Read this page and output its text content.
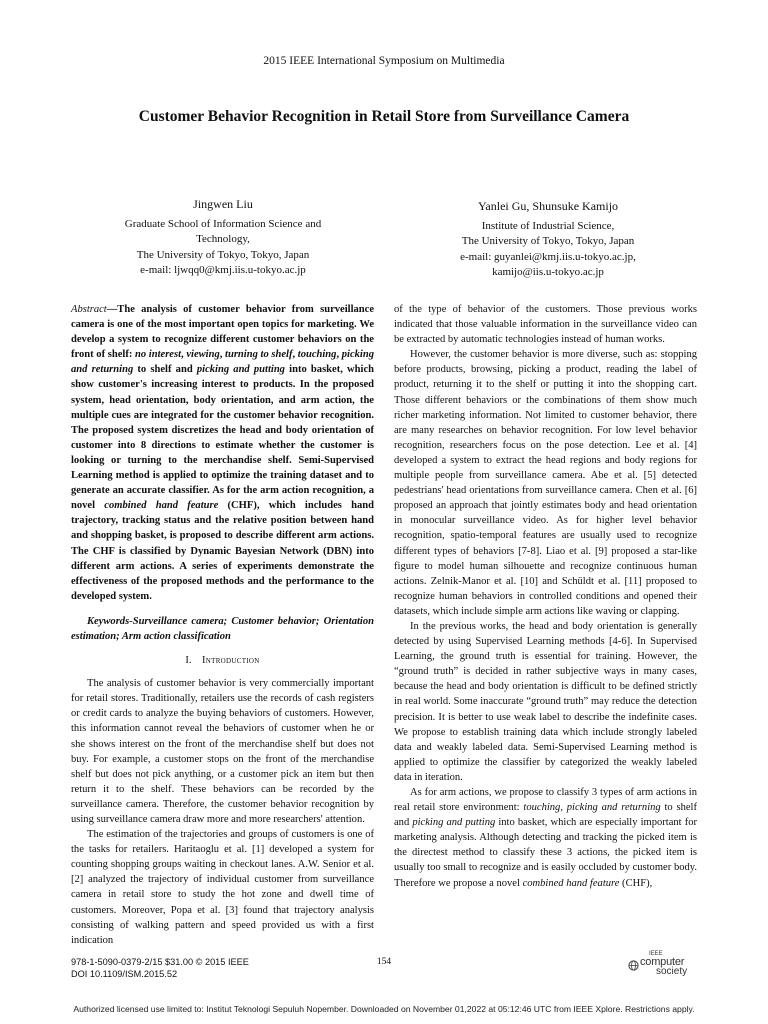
2015 IEEE International Symposium on Multimedia
Customer Behavior Recognition in Retail Store from Surveillance Camera
Jingwen Liu
Graduate School of Information Science and
Technology,
The University of Tokyo, Tokyo, Japan
e-mail: ljwqq0@kmj.iis.u-tokyo.ac.jp
Yanlei Gu, Shunsuke Kamijo
Institute of Industrial Science,
The University of Tokyo, Tokyo, Japan
e-mail: guyanlei@kmj.iis.u-tokyo.ac.jp,
kamijo@iis.u-tokyo.ac.jp

Abstract—The analysis of customer behavior from surveillance camera is one of the most important open topics for marketing. We develop a system to recognize different customer behaviors on the front of shelf: no interest, viewing, turning to shelf, touching, picking and returning to shelf and picking and putting into basket, which show customer's increasing interest to products. In the proposed system, head orientation, body orientation, and arm action, the multiple cues are integrated for the customer behavior recognition. The proposed system discretizes the head and body orientation of customer into 8 directions to estimate whether the customer is looking or turning to the merchandise shelf. Semi-Supervised Learning method is applied to optimize the training dataset and to generate an accurate classifier. As for the arm action recognition, a novel combined hand feature (CHF), which includes hand trajectory, tracking status and the relative position between hand and shopping basket, is proposed to describe different arm actions. The CHF is classified by Dynamic Bayesian Network (DBN) into different arm actions. A series of experiments demonstrate the effectiveness of the proposed methods and the performance to the developed system.

Keywords-Surveillance camera; Customer behavior; Orientation estimation; Arm action classification

I. Introduction

The analysis of customer behavior is very commercially important for retail stores. Traditionally, retailers use the records of cash registers or credit cards to analyze the buying behaviors of customers. However, this information cannot reveal the behaviors of customer when he or she shows interest on the front of the merchandise shelf but does not buy. For example, a customer stops on the front of the merchandise shelf but does not pick anything, or a customer pick an item but then return it to the shelf. These behaviors can be recorded by the surveillance camera. Therefore, the customer behavior recognition by using surveillance camera draw more and more researchers' attention.

The estimation of the trajectories and groups of customers is one of the tasks for retailers. Haritaoglu et al. [1] developed a system for counting shopping groups waiting in checkout lanes. A.W. Senior et al. [2] analyzed the trajectory of individual customer from surveillance camera in retail store to study the hot zone and dwell time of customers. Moreover, Popa et al. [3] found that trajectory analysis consisting of walking pattern and speed provided us with a first indication

of the type of behavior of the customers. Those previous works indicated that those valuable information in the surveillance video can be extracted by automatic technologies instead of human works.

However, the customer behavior is more diverse, such as: stopping before products, browsing, picking a product, reading the label of product, returning it to the shelf or putting it into the shopping cart. Those different behaviors or the combinations of them show much richer marketing information. Not limited to customer behavior, there are many researches on behavior recognition. For low level behavior recognition, researchers focus on the pose detection. Lee et al. [4] developed a system to extract the head regions and body regions for multiple people from surveillance camera. Abe et al. [5] detected pedestrians' head orientations from surveillance camera. Chen et al. [6] proposed an approach that jointly estimates body and head orientation in monocular surveillance video. As for higher level behavior recognition, spatio-temporal features are usually used to recognize different types of behaviors [7-8]. Liao et al. [9] proposed a star-like figure to model human silhouette and recognize continuous human actions. Zelnik-Manor et al. [10] and Schüldt et al. [11] proposed to recognize human behaviors in controlled conditions and opened their datasets, which include simple arm actions like waving or clapping.

In the previous works, the head and body orientation is generally detected by using Supervised Learning methods [4-6]. In Supervised Learning, the ground truth is essential for training. However, the “ground truth” is decided in rather subjective ways in many cases, because the head and body orientation is difficult to be defined strictly in real world. Some inaccurate “ground truth” may reduce the detection precision. It is better to use weak label to describe the indefinite cases. We propose to establish training data which include strongly labeled data and weakly labeled data. Semi-Supervised Learning method is applied to optimize the classifier by categorized the weakly labeled data in iteration.

As for arm actions, we propose to classify 3 types of arm actions in real retail store environment: touching, picking and returning to shelf and picking and putting into basket, which are especially important for marketing analysis. Although detecting and tracking the picked item is the directest method to classify these 3 actions, the picked item is usually too small to recognize and is easily occluded by customer body. Therefore we propose a novel combined hand feature (CHF),

978-1-5090-0379-2/15 $31.00 © 2015 IEEE
DOI 10.1109/ISM.2015.52
154
IEEE
computer
society
Authorized licensed use limited to: Institut Teknologi Sepuluh Nopember. Downloaded on November 01,2022 at 05:12:46 UTC from IEEE Xplore. Restrictions apply.
